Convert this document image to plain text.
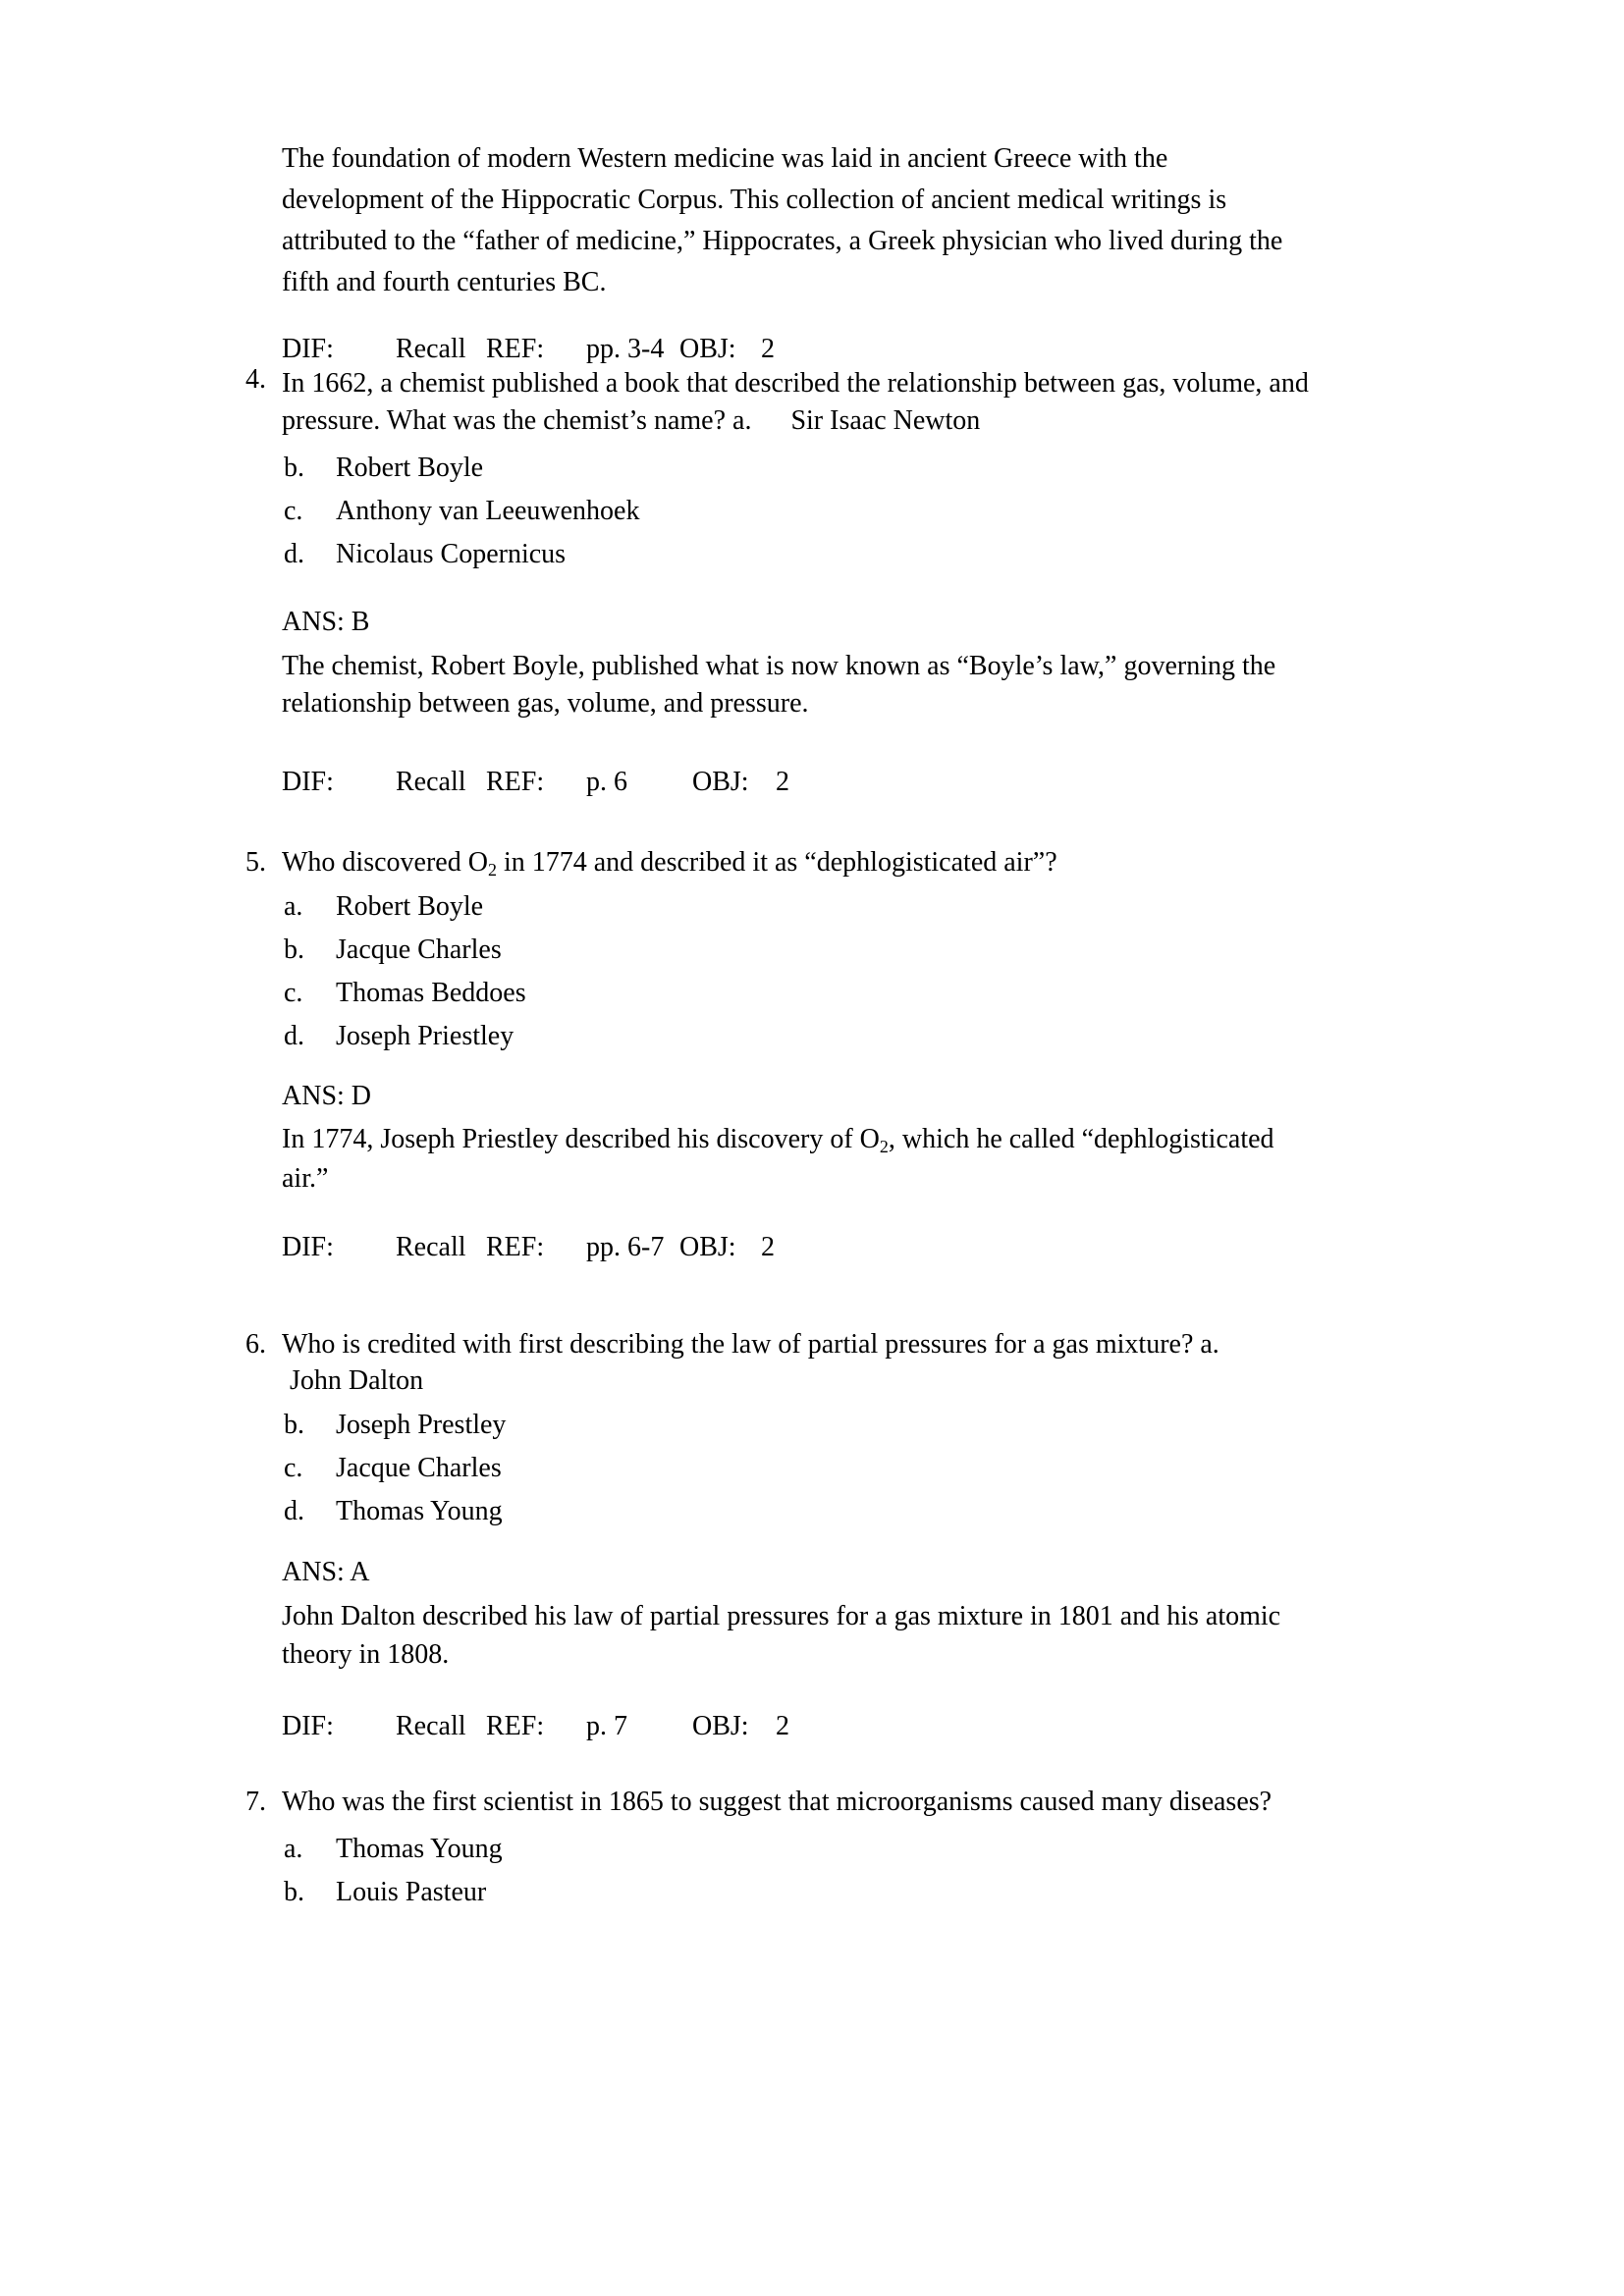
The foundation of modern Western medicine was laid in ancient Greece with the
development of the Hippocratic Corpus. This collection of ancient medical writings is
attributed to the “father of medicine,” Hippocrates, a Greek physician who lived during the
fifth and fourth centuries BC.
DIF: Recall REF: pp. 3-4 OBJ: 2
4. In 1662, a chemist published a book that described the relationship between gas, volume, and
pressure. What was the chemist’s name? a. Sir Isaac Newton
b. Robert Boyle
c. Anthony van Leeuwenhoek
d. Nicolaus Copernicus
ANS: B
The chemist, Robert Boyle, published what is now known as “Boyle’s law,” governing the
relationship between gas, volume, and pressure.
DIF: Recall REF: p. 6 OBJ: 2
5. Who discovered O2 in 1774 and described it as “dephlogisticated air”?
a. Robert Boyle
b. Jacque Charles
c. Thomas Beddoes
d. Joseph Priestley
ANS: D
In 1774, Joseph Priestley described his discovery of O2, which he called “dephlogisticated
air.”
DIF: Recall REF: pp. 6-7 OBJ: 2
6. Who is credited with first describing the law of partial pressures for a gas mixture? a.
John Dalton
b. Joseph Prestley
c. Jacque Charles
d. Thomas Young
ANS: A
John Dalton described his law of partial pressures for a gas mixture in 1801 and his atomic
theory in 1808.
DIF: Recall REF: p. 7 OBJ: 2
7. Who was the first scientist in 1865 to suggest that microorganisms caused many diseases?
a. Thomas Young
b. Louis Pasteur
